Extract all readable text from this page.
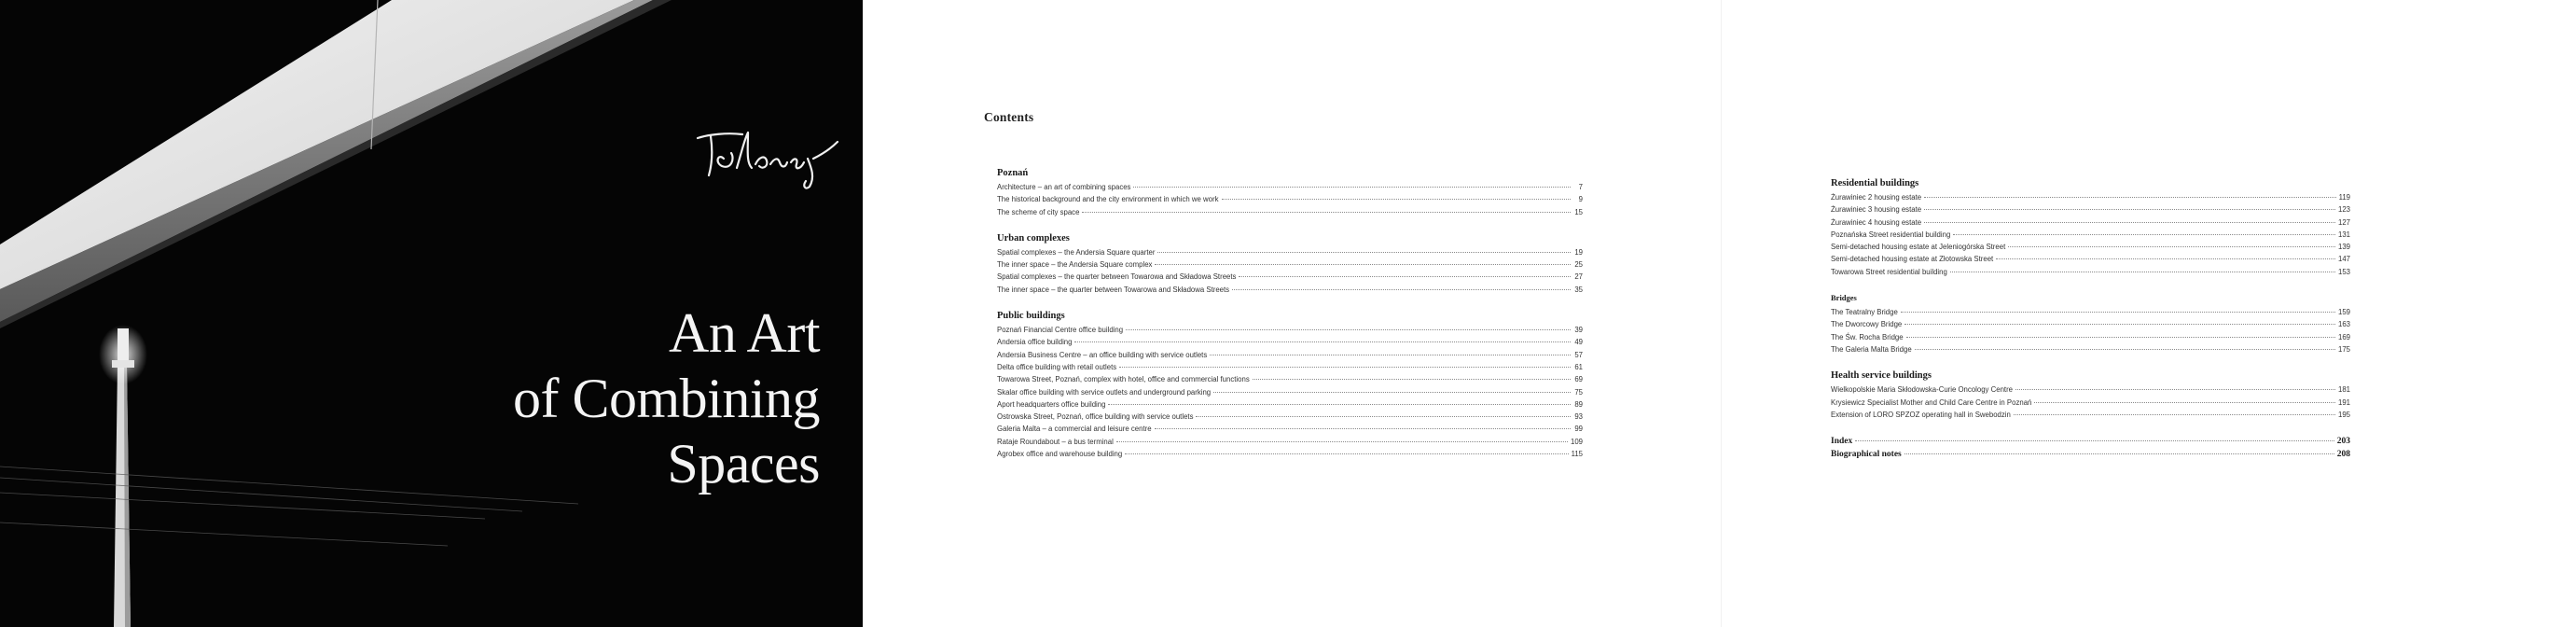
An Art
of Combining
Spaces
Contents
Poznań
Architecture – an art of combining spaces	7
The historical background and the city environment in which we work	9
The scheme of city space	15
Urban complexes
Spatial complexes – the Andersia Square quarter	19
The inner space – the Andersia Square complex	25
Spatial complexes – the quarter between Towarowa and Składowa Streets	27
The inner space – the quarter between Towarowa and Składowa Streets	35
Public buildings
Poznań Financial Centre office building	39
Andersia office building	49
Andersia Business Centre – an office building with service outlets	57
Delta office building with retail outlets	61
Towarowa Street, Poznań, complex with hotel, office and commercial functions	69
Skalar office building with service outlets and underground parking	75
Aport headquarters office building	89
Ostrowska Street, Poznań, office building with service outlets	93
Galeria Malta – a commercial and leisure centre	99
Rataje Roundabout – a bus terminal	109
Agrobex office and warehouse building	115
Residential buildings
Żurawiniec 2 housing estate	119
Żurawiniec 3 housing estate	123
Żurawiniec 4 housing estate	127
Poznańska Street residential building	131
Semi-detached housing estate at Jeleniogórska Street	139
Semi-detached housing estate at Złotowska Street	147
Towarowa Street residential building	153
Bridges
The Teatralny Bridge	159
The Dworcowy Bridge	163
The Św. Rocha Bridge	169
The Galeria Malta Bridge	175
Health service buildings
Wielkopolskie Maria Skłodowska-Curie Oncology Centre	181
Krysiewicz Specialist Mother and Child Care Centre in Poznań	191
Extension of LORO SPZOZ operating hall in Swebodzin	195
Index	203
Biographical notes	208
